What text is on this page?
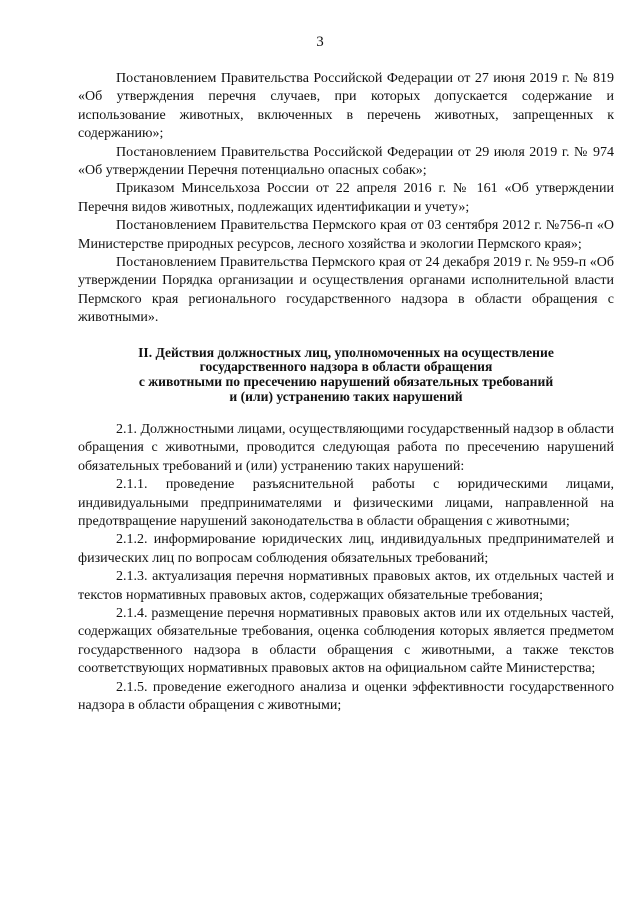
3

Постановлением Правительства Российской Федерации от 27 июня 2019 г. № 819 «Об утверждения перечня случаев, при которых допускается содержание и использование животных, включенных в перечень животных, запрещенных к содержанию»;

Постановлением Правительства Российской Федерации от 29 июля 2019 г. № 974 «Об утверждении Перечня потенциально опасных собак»;

Приказом Минсельхоза России от 22 апреля 2016 г. № 161 «Об утверждении Перечня видов животных, подлежащих идентификации и учету»;

Постановлением Правительства Пермского края от 03 сентября 2012 г. №756-п «О Министерстве природных ресурсов, лесного хозяйства и экологии Пермского края»;

Постановлением Правительства Пермского края от 24 декабря 2019 г. № 959-п «Об утверждении Порядка организации и осуществления органами исполнительной власти Пермского края регионального государственного надзора в области обращения с животными».

II. Действия должностных лиц, уполномоченных на осуществление
государственного надзора в области обращения
с животными по пресечению нарушений обязательных требований
и (или) устранению таких нарушений

2.1. Должностными лицами, осуществляющими государственный надзор в области обращения с животными, проводится следующая работа по пресечению нарушений обязательных требований и (или) устранению таких нарушений:

2.1.1. проведение разъяснительной работы с юридическими лицами, индивидуальными предпринимателями и физическими лицами, направленной на предотвращение нарушений законодательства в области обращения с животными;

2.1.2. информирование юридических лиц, индивидуальных предпринимателей и физических лиц по вопросам соблюдения обязательных требований;

2.1.3. актуализация перечня нормативных правовых актов, их отдельных частей и текстов нормативных правовых актов, содержащих обязательные требования;

2.1.4. размещение перечня нормативных правовых актов или их отдельных частей, содержащих обязательные требования, оценка соблюдения которых является предметом государственного надзора в области обращения с животными, а также текстов соответствующих нормативных правовых актов на официальном сайте Министерства;

2.1.5. проведение ежегодного анализа и оценки эффективности государственного надзора в области обращения с животными;
